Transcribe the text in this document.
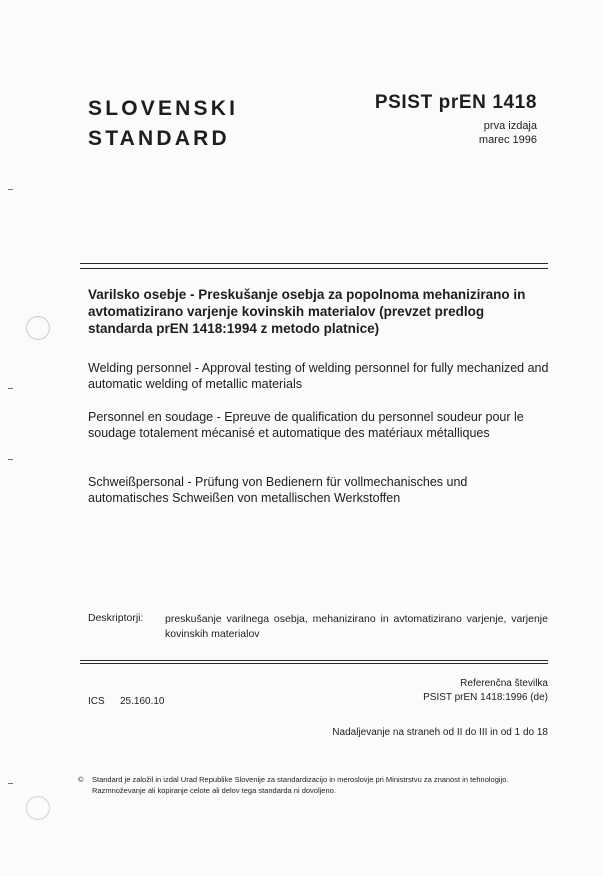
SLOVENSKI
STANDARD
PSIST prEN 1418
prva izdaja
marec 1996
Varilsko osebje - Preskušanje osebja za popolnoma mehanizirano in avtomatizirano varjenje kovinskih materialov (prevzet predlog standarda prEN 1418:1994 z metodo platnice)
Welding personnel - Approval testing of welding personnel for fully mechanized and automatic welding of metallic materials
Personnel en soudage - Epreuve de qualification du personnel soudeur pour le soudage totalement mécanisé et automatique des matériaux métalliques
Schweißpersonal - Prüfung von Bedienern für vollmechanisches und automatisches Schweißen von metallischen Werkstoffen
Deskriptorji: preskušanje varilnega osebja, mehanizirano in avtomatizirano varjenje, varjenje kovinskih materialov
Referenčna številka
PSIST prEN 1418:1996 (de)
ICS 25.160.10
Nadaljevanje na straneh od II do III in od 1 do 18
© Standard je založil in izdal Urad Republike Slovenije za standardizacijo in meroslovje pri Ministrstvu za znanost in tehnologijo. Razmnoževanje ali kopiranje celote ali delov tega standarda ni dovoljeno.
